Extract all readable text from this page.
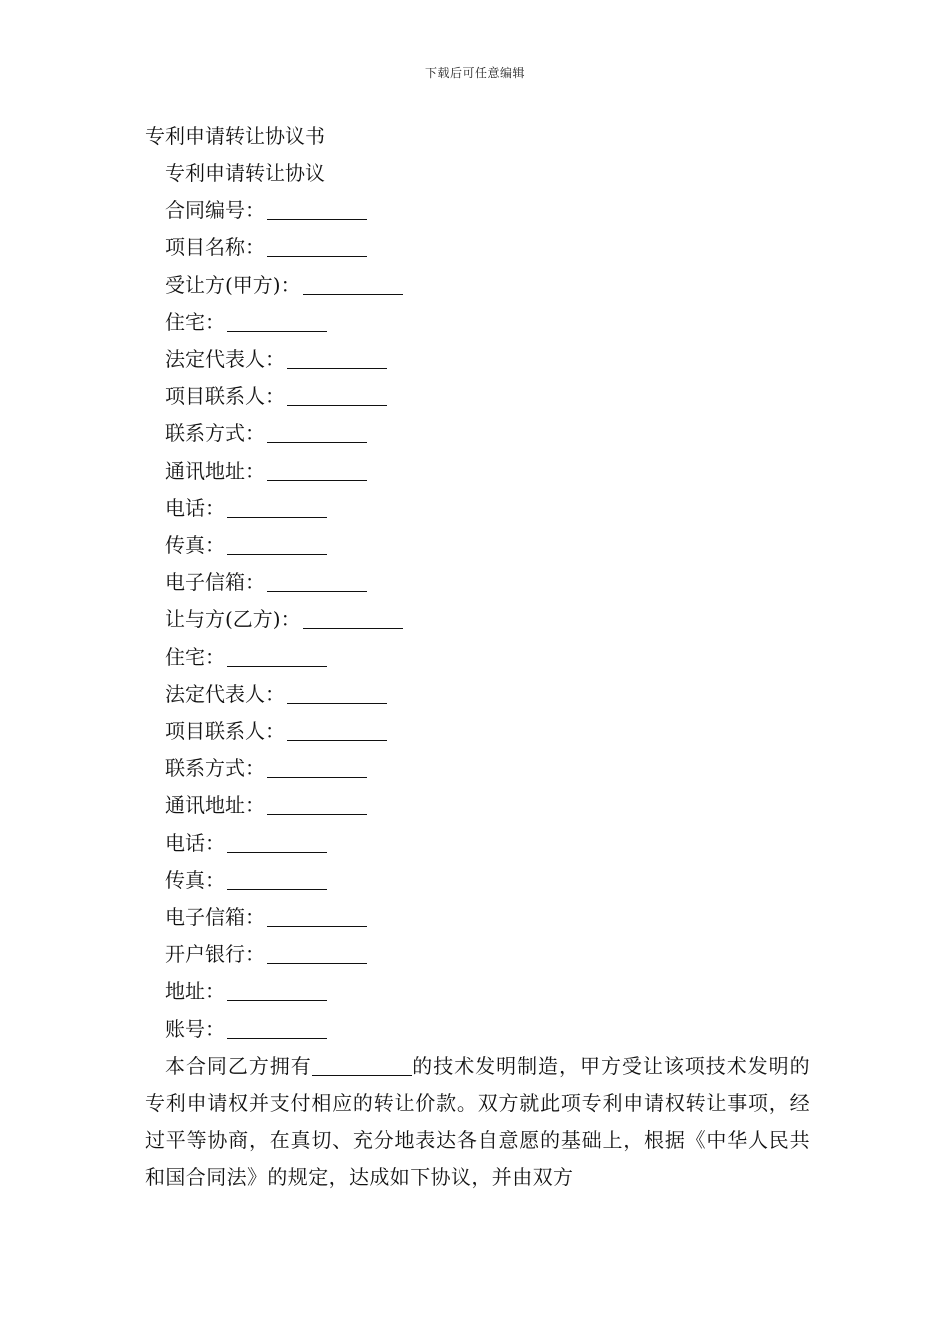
下载后可任意编辑
专利申请转让协议书
专利申请转让协议
合同编号：
项目名称：
受让方(甲方)：
住宅：
法定代表人：
项目联系人：
联系方式：
通讯地址：
电话：
传真：
电子信箱：
让与方(乙方)：
住宅：
法定代表人：
项目联系人：
联系方式：
通讯地址：
电话：
传真：
电子信箱：
开户银行：
地址：
账号：

本合同乙方拥有	的技术发明制造，甲方受让该项技术发明的专利申请权并支付相应的转让价款。双方就此项专利申请权转让事项，经过平等协商，在真切、充分地表达各自意愿的基础上，根据《中华人民共和国合同法》的规定，达成如下协议，并由双方
